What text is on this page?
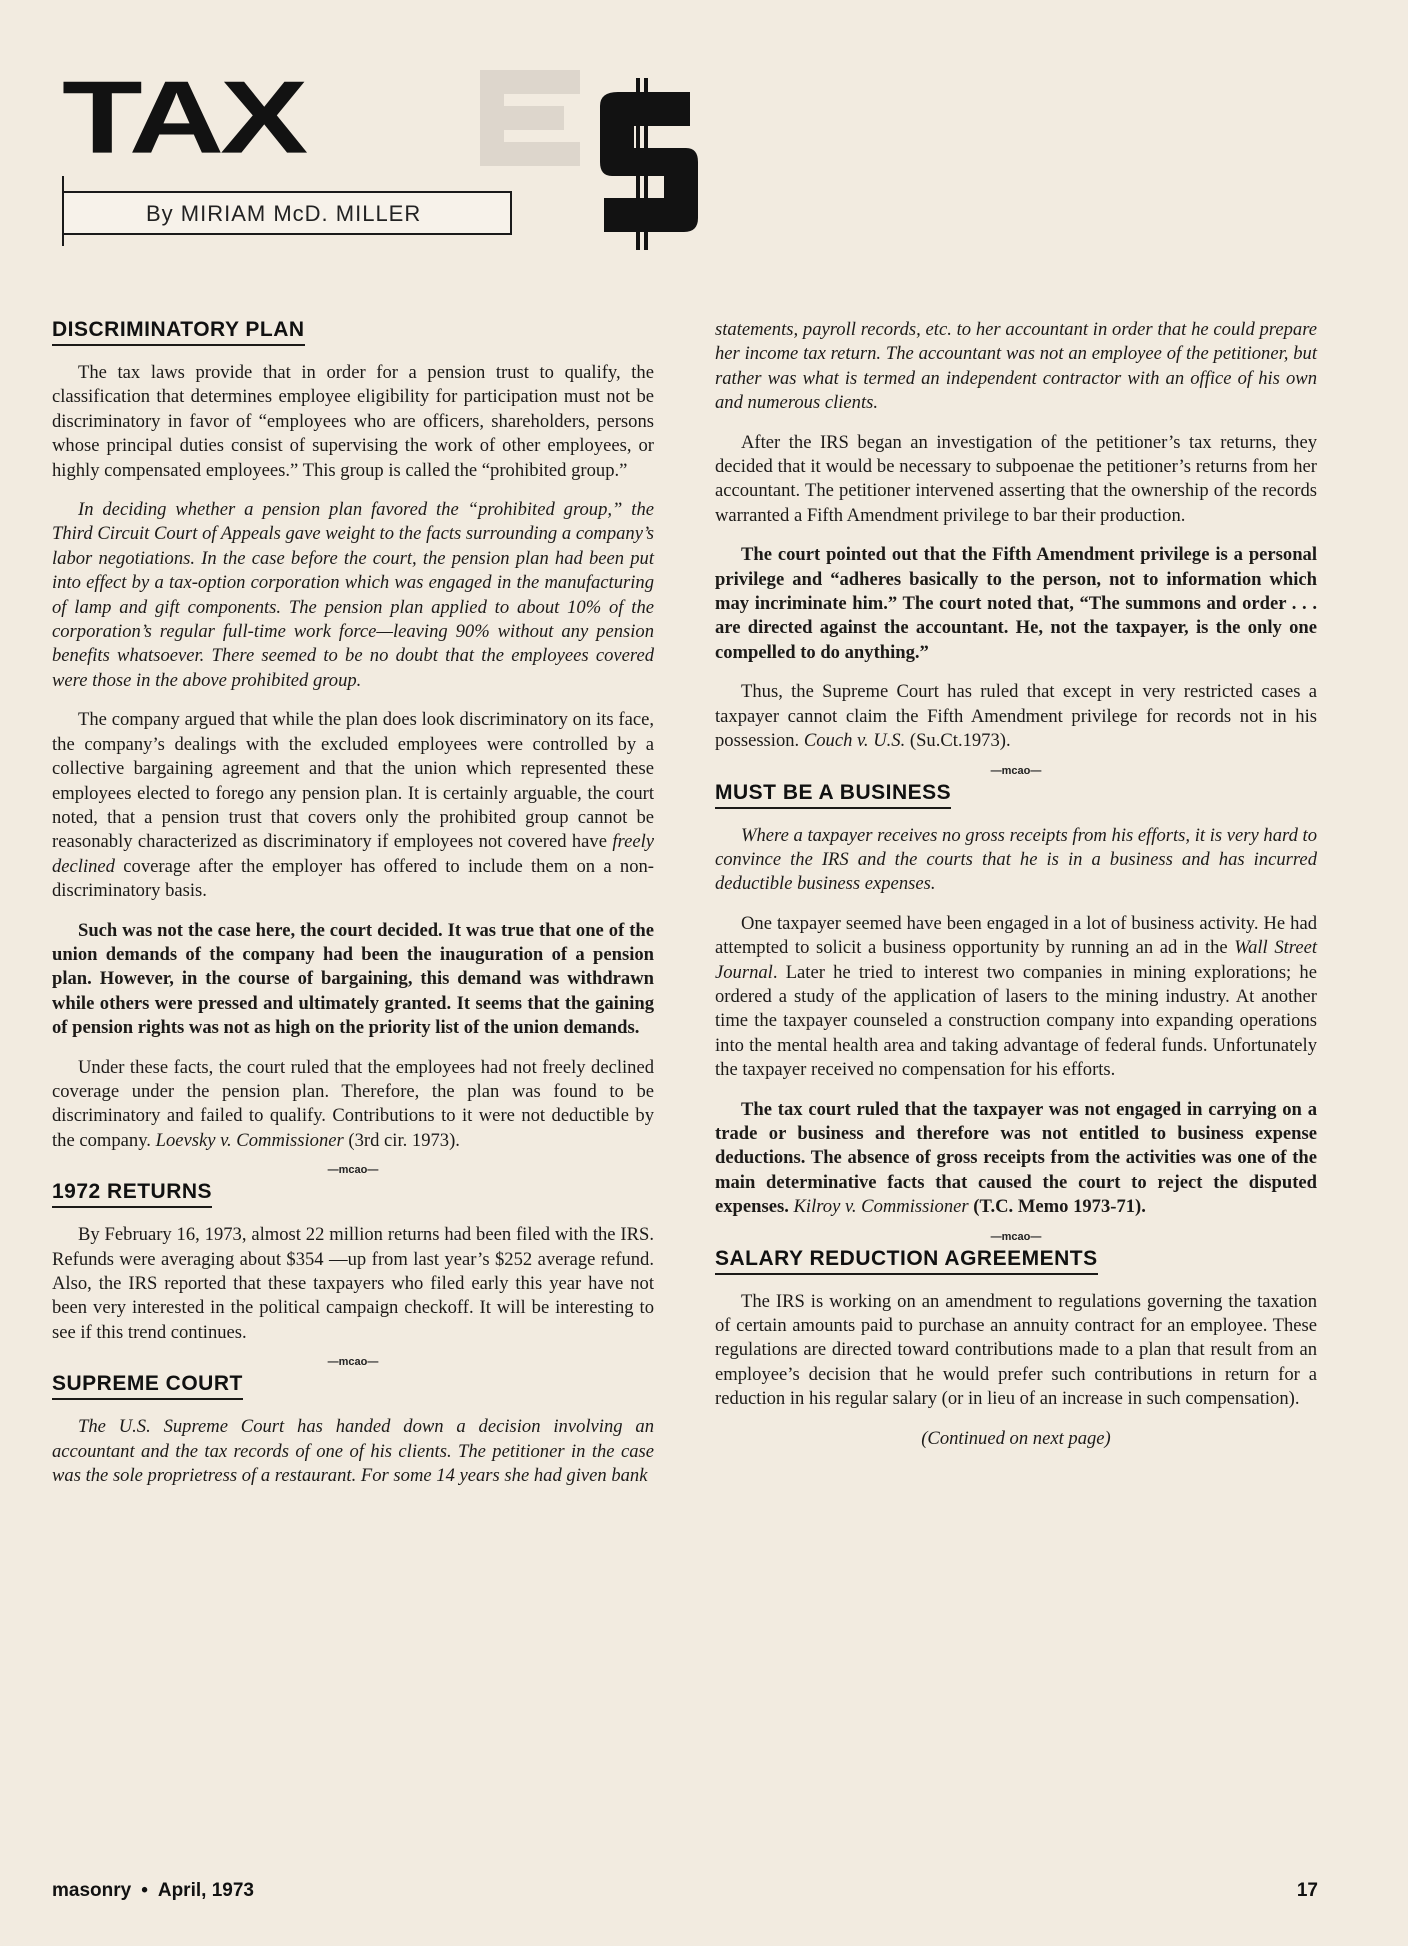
TAX
By MIRIAM McD. MILLER
DISCRIMINATORY PLAN

The tax laws provide that in order for a pension trust to qualify, the classification that determines employee eligibility for participation must not be discriminatory in favor of “employees who are officers, shareholders, persons whose principal duties consist of supervising the work of other employees, or highly compensated employees.” This group is called the “prohibited group.”

In deciding whether a pension plan favored the “prohibited group,” the Third Circuit Court of Appeals gave weight to the facts surrounding a company’s labor negotiations. In the case before the court, the pension plan had been put into effect by a tax-option corporation which was engaged in the manufacturing of lamp and gift components. The pension plan applied to about 10% of the corporation’s regular full-time work force—leaving 90% without any pension benefits whatsoever. There seemed to be no doubt that the employees covered were those in the above prohibited group.

The company argued that while the plan does look discriminatory on its face, the company’s dealings with the excluded employees were controlled by a collective bargaining agreement and that the union which represented these employees elected to forego any pension plan. It is certainly arguable, the court noted, that a pension trust that covers only the prohibited group cannot be reasonably characterized as discriminatory if employees not covered have freely declined coverage after the employer has offered to include them on a non-discriminatory basis.

Such was not the case here, the court decided. It was true that one of the union demands of the company had been the inauguration of a pension plan. However, in the course of bargaining, this demand was withdrawn while others were pressed and ultimately granted. It seems that the gaining of pension rights was not as high on the priority list of the union demands.

Under these facts, the court ruled that the employees had not freely declined coverage under the pension plan. Therefore, the plan was found to be discriminatory and failed to qualify. Contributions to it were not deductible by the company. Loevsky v. Commissioner (3rd cir. 1973).

—mcao—
1972 RETURNS

By February 16, 1973, almost 22 million returns had been filed with the IRS. Refunds were averaging about $354 —up from last year’s $252 average refund. Also, the IRS reported that these taxpayers who filed early this year have not been very interested in the political campaign checkoff. It will be interesting to see if this trend continues.

—mcao—
SUPREME COURT

The U.S. Supreme Court has handed down a decision involving an accountant and the tax records of one of his clients. The petitioner in the case was the sole proprietress of a restaurant. For some 14 years she had given bank

statements, payroll records, etc. to her accountant in order that he could prepare her income tax return. The accountant was not an employee of the petitioner, but rather was what is termed an independent contractor with an office of his own and numerous clients.

After the IRS began an investigation of the petitioner’s tax returns, they decided that it would be necessary to subpoenae the petitioner’s returns from her accountant. The petitioner intervened asserting that the ownership of the records warranted a Fifth Amendment privilege to bar their production.

The court pointed out that the Fifth Amendment privilege is a personal privilege and “adheres basically to the person, not to information which may incriminate him.” The court noted that, “The summons and order . . . are directed against the accountant. He, not the taxpayer, is the only one compelled to do anything.”

Thus, the Supreme Court has ruled that except in very restricted cases a taxpayer cannot claim the Fifth Amendment privilege for records not in his possession. Couch v. U.S. (Su.Ct.1973).

—mcao—
MUST BE A BUSINESS

Where a taxpayer receives no gross receipts from his efforts, it is very hard to convince the IRS and the courts that he is in a business and has incurred deductible business expenses.

One taxpayer seemed have been engaged in a lot of business activity. He had attempted to solicit a business opportunity by running an ad in the Wall Street Journal. Later he tried to interest two companies in mining explorations; he ordered a study of the application of lasers to the mining industry. At another time the taxpayer counseled a construction company into expanding operations into the mental health area and taking advantage of federal funds. Unfortunately the taxpayer received no compensation for his efforts.

The tax court ruled that the taxpayer was not engaged in carrying on a trade or business and therefore was not entitled to business expense deductions. The absence of gross receipts from the activities was one of the main determinative facts that caused the court to reject the disputed expenses. Kilroy v. Commissioner (T.C. Memo 1973-71).

—mcao—
SALARY REDUCTION AGREEMENTS

The IRS is working on an amendment to regulations governing the taxation of certain amounts paid to purchase an annuity contract for an employee. These regulations are directed toward contributions made to a plan that result from an employee’s decision that he would prefer such contributions in return for a reduction in his regular salary (or in lieu of an increase in such compensation).

(Continued on next page)

masonry • April, 1973	17
